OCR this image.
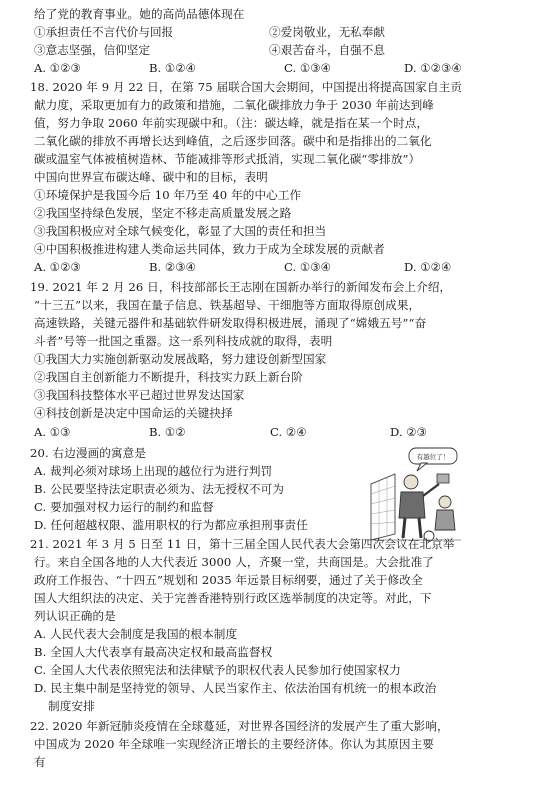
给了党的教育事业。她的高尚品德体现在
①承担责任不言代价与回报	②爱岗敬业，无私奉献
③意志坚强，信仰坚定	④艰苦奋斗，自强不息
A. ①②③	B. ①②④	C. ①③④	D. ①②③④
18. 2020 年 9 月 22 日，在第 75 届联合国大会期间，中国提出将提高国家自主贡
献力度，采取更加有力的政策和措施，二氧化碳排放力争于 2030 年前达到峰
值，努力争取 2060 年前实现碳中和。（注：碳达峰，就是指在某一个时点，
二氧化碳的排放不再增长达到峰值，之后逐步回落。碳中和是指排出的二氧化
碳或温室气体被植树造林、节能减排等形式抵消，实现二氧化碳“零排放”）
中国向世界宣布碳达峰、碳中和的目标，表明
①环境保护是我国今后 10 年乃至 40 年的中心工作
②我国坚持绿色发展，坚定不移走高质量发展之路
③我国积极应对全球气候变化，彰显了大国的责任和担当
④中国积极推进构建人类命运共同体，致力于成为全球发展的贡献者
A. ①②③	B. ②③④	C. ①③④	D. ①②④
19. 2021 年 2 月 26 日，科技部部长王志刚在国新办举行的新闻发布会上介绍，
“十三五”以来，我国在量子信息、铁基超导、干细胞等方面取得原创成果，
高速铁路，关键元器件和基础软件研发取得积极进展，涌现了“嫦娥五号”“奋
斗者”号等一批国之重器。这一系列科技成就的取得，表明
①我国大力实施创新驱动发展战略，努力建设创新型国家
②我国自主创新能力不断提升，科技实力跃上新台阶
③我国科技整体水平已超过世界发达国家
④科技创新是决定中国命运的关键抉择
A. ①③	B. ①②	C. ②④	D. ②③
20. 右边漫画的寓意是
A. 裁判必须对球场上出现的越位行为进行判罚
B. 公民要坚持法定职责必须为、法无授权不可为
C. 要加强对权力运行的制约和监督
D. 任何超越权限、滥用职权的行为都应承担刑事责任
有越位了！
21. 2021 年 3 月 5 日至 11 日，第十三届全国人民代表大会第四次会议在北京举
行。来自全国各地的人大代表近 3000 人，齐聚一堂，共商国是。大会批准了
政府工作报告、“十四五”规划和 2035 年远景目标纲要，通过了关于修改全
国人大组织法的决定、关于完善香港特别行政区选举制度的决定等。对此，下
列认识正确的是
A. 人民代表大会制度是我国的根本制度
B. 全国人大代表享有最高决定权和最高监督权
C. 全国人大代表依照宪法和法律赋予的职权代表人民参加行使国家权力
D. 民主集中制是坚持党的领导、人民当家作主、依法治国有机统一的根本政治
制度安排
22. 2020 年新冠肺炎疫情在全球蔓延，对世界各国经济的发展产生了重大影响，
中国成为 2020 年全球唯一实现经济正增长的主要经济体。你认为其原因主要
有
